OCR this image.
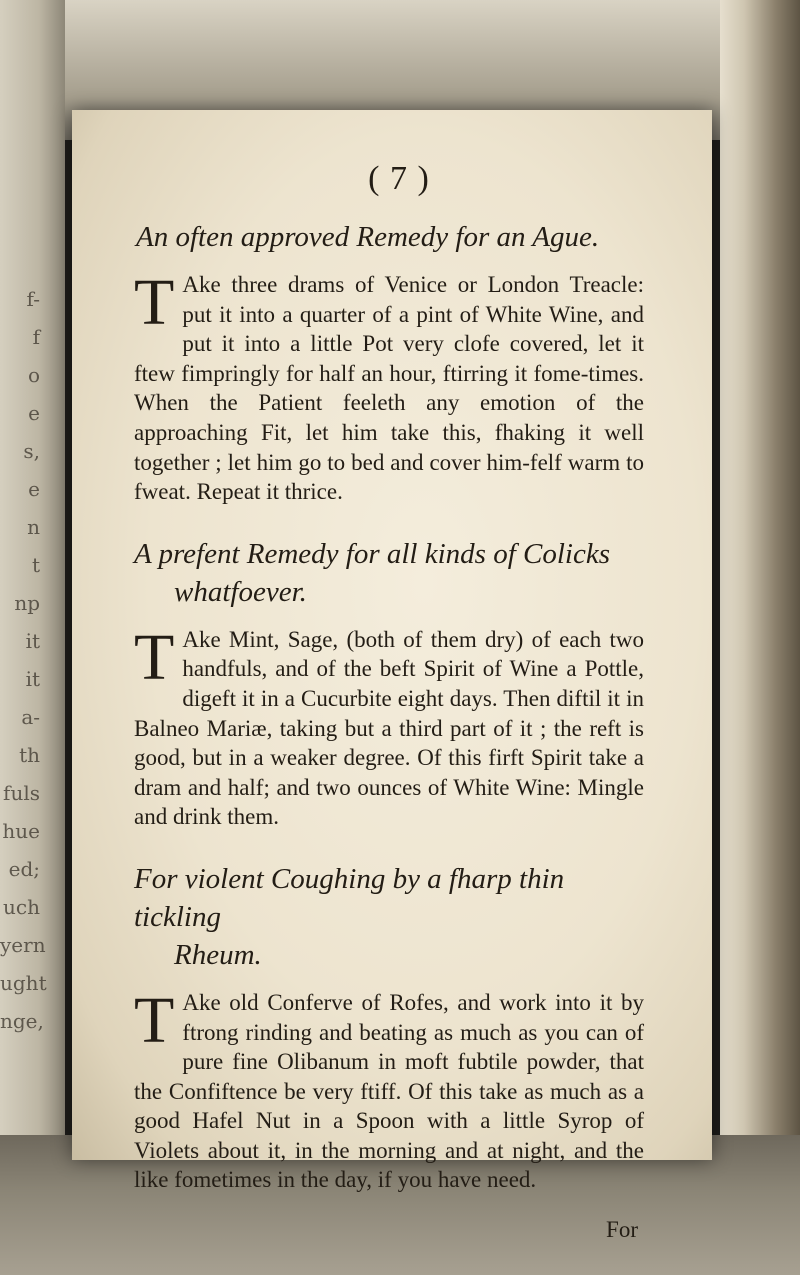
f-
f
o
e
s,
e
n
t
np
it
it
a-
th
fuls
hue
ed;
uch
yern
ught
nge,
( 7 )
An often approved Remedy for an Ague.
T Ake three drams of Venice or London Treacle: put it into a quarter of a pint of White Wine, and put it into a little Pot very clofe covered, let it ftew fimpringly for half an hour, ftirring it fome-times. When the Patient feeleth any emotion of the approaching Fit, let him take this, fhaking it well together ; let him go to bed and cover him-felf warm to fweat. Repeat it thrice.
A prefent Remedy for all kinds of Colicks
whatfoever.
T Ake Mint, Sage, (both of them dry) of each two handfuls, and of the beft Spirit of Wine a Pottle, digeft it in a Cucurbite eight days. Then diftil it in Balneo Mariæ, taking but a third part of it ; the reft is good, but in a weaker degree. Of this firft Spirit take a dram and half; and two ounces of White Wine: Mingle and drink them.
For violent Coughing by a fharp thin tickling
Rheum.
T Ake old Conferve of Rofes, and work into it by ftrong rinding and beating as much as you can of pure fine Olibanum in moft fubtile powder, that the Confiftence be very ftiff. Of this take as much as a good Hafel Nut in a Spoon with a little Syrop of Violets about it, in the morning and at night, and the like fometimes in the day, if you have need.
For
